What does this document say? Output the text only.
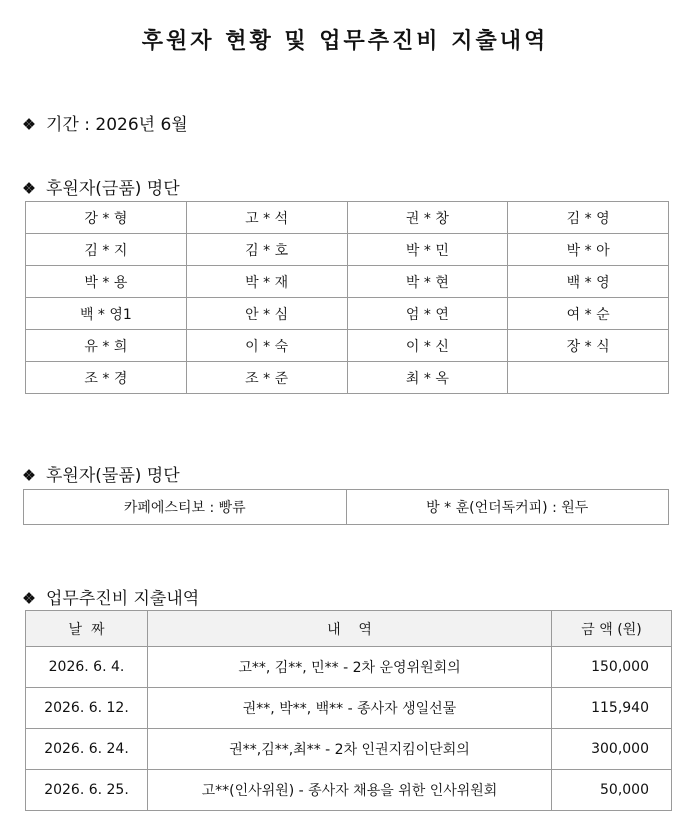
후원자 현황 및 업무추진비 지출내역
기간 : 2026년 6월
후원자(금품) 명단
강 * 형	고 * 석	권 * 창	김 * 영
김 * 지	김 * 호	박 * 민	박 * 아
박 * 용	박 * 재	박 * 현	백 * 영
백 * 영1	안 * 심	엄 * 연	여 * 순
유 * 희	이 * 숙	이 * 신	장 * 식
조 * 경	조 * 준	최 * 옥	
후원자(물품) 명단
카페에스티보 : 빵류	방 * 훈(언더독커피) : 원두
업무추진비 지출내역
날  짜	내    역	금 액 (원)
2026. 6. 4.	고**, 김**, 민** - 2차 운영위원회의	150,000
2026. 6. 12.	권**, 박**, 백** - 종사자 생일선물	115,940
2026. 6. 24.	권**,김**,최** - 2차 인권지킴이단회의	300,000
2026. 6. 25.	고**(인사위원) - 종사자 채용을 위한 인사위원회	50,000
